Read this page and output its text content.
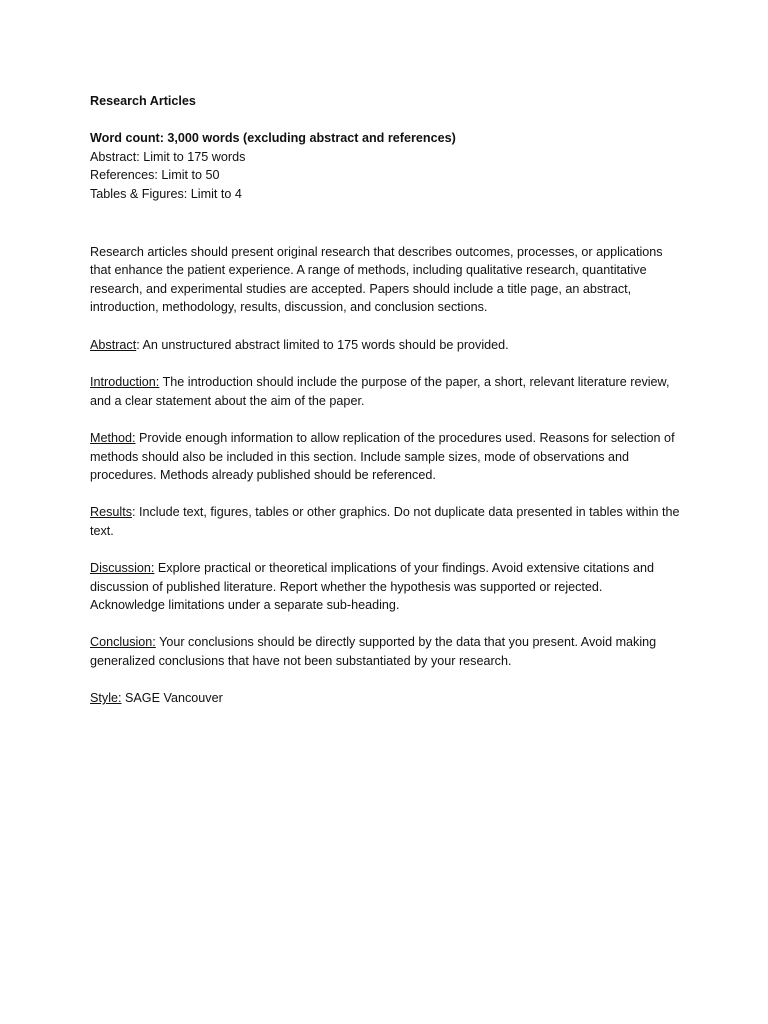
Research Articles

Word count: 3,000 words (excluding abstract and references)

Abstract: Limit to 175 words

References: Limit to 50

Tables & Figures: Limit to 4

Research articles should present original research that describes outcomes, processes, or applications that enhance the patient experience. A range of methods, including qualitative research, quantitative research, and experimental studies are accepted. Papers should include a title page, an abstract, introduction, methodology, results, discussion, and conclusion sections.

Abstract: An unstructured abstract limited to 175 words should be provided.

Introduction: The introduction should include the purpose of the paper, a short, relevant literature review, and a clear statement about the aim of the paper.

Method: Provide enough information to allow replication of the procedures used. Reasons for selection of methods should also be included in this section. Include sample sizes, mode of observations and procedures. Methods already published should be referenced.

Results: Include text, figures, tables or other graphics. Do not duplicate data presented in tables within the text.

Discussion: Explore practical or theoretical implications of your findings. Avoid extensive citations and discussion of published literature. Report whether the hypothesis was supported or rejected. Acknowledge limitations under a separate sub-heading.

Conclusion: Your conclusions should be directly supported by the data that you present. Avoid making generalized conclusions that have not been substantiated by your research.

Style: SAGE Vancouver
